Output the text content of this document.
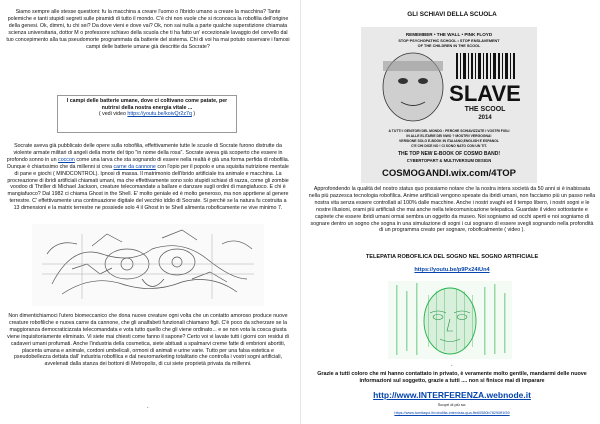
Siamo sempre alle stesse questioni: fu la macchina a creare l'uomo o l'ibrido umano a creare la macchina? Tante polemiche e tanti stupidi segreti sulle piramidi di tutto il mondo. C'è chi non vuole che si riconosca la robofilia dell'origine della genesi. Ok, dimmi, tu chi sei? Da dove vieni e dove vai? Ok, non sai nulla a parte qualche superstizione chiamata scienza universitaria, dottor M o professore schiavo della scuola che ti ha fatto un' eccezionale lavaggio del cervello dal tuo concepimento alla tua pseudomorte programmata da batterie del sistema. Chi di voi ha mai potuto osservare i famosi campi delle batterie umane già descritte da Socrate?

I campi delle batterie umane, dove ci coltivano come patate, per nutrirsi della nostra energia vitale ...

( vedi video https://youtu.be/koivQr2z7q )

Socrate aveva già pubblicato delle opere sulla robofilia, effettivamente tutte le scuole di Socrate furono distrutte da violente armate militari di angeli della morte del tipo "in nome della rosa". Socrate aveva già scoperto che essere in profondo sonno in un coccon come una larva che sta sognando di essere nella realtà è già una forma perfida di robofilia. Dunque è chiarissimo che da millenni si crea carne da cannone con l'opio per il popolo e una squisita nutrizione mentale di pane e giochi ( MINDCONTROL). Ipnosi di massa. Il matrimonio dell'ibrido artificiale tra animale e macchina. La procreazione di ibridi artificiali chiamati umani, ma che effettivamente sono solo stupidi schiavi di razza, come gli zombie voodoo di Thriller di Michael Jackson, creature telecomandate a ballare e danzare sugli ordini di mangiafuoco. E chi è mangiafuoco? Dal 1982 ci chiama Ghost in the Shell. E' molto geniale ed è molto generoso, ma non apprtiene al genere terrestre. C' effettivamente una continuazione digitale del vecchio iddio di Socrate. Si perchè se la natura fu costruita a 13 dimensioni e la matrix terrestre ne possiede solo 4 il Ghost in te Shell alimenta roboficamente ne vive minimo 7.

Non dimentichiamoci l'utero biomeccanico che dona nuove creature ogni volta che un contatto amoroso produce nuove creature robofiliche e nuova carne da cannone, che gli analfabeti funzionali chiamano figli. C'è poco da scherzare se la maggioranza democraticizzata telecomandata e vota tutto quello che gli viene ordinato... e se non vota la cosca giusta viene inquisitoriamente eliminato. Vi siete mai chiesti come fanno il sapone? Certo voi vi lavate tutti i giorni con residui di cadaveri umani profumati. Anche l'industria della cosmetica, siete abituati a spalmarvi creme fatte di embrioni abortiti, placenta umana e animale, cordoni umbelicali, ormoni di animali e urine varie. Tutto per una falsa estetica e pseudobellezza dettata dall' industria robofilica e dal neuromarketing totalitario che controlla i vostri sogni artificiali, avvelenati dalla stanza dei bottoni di Metropolis, di cui siete proprietà privata da millenni.

.
GLI SCHIAVI DELLA SCUOLA
REMEMBER • THE WALL • PINK FLOYD
STOP PSYCHOPATHIC SCHOOL • STOP ENSLAVEMENT
OF THE CHILDREN IN THE SCOOL
SLAVE
THE SCOOL
2014
A TUTTI I GENITORI DEL MONDO : PERCHE SCHIAVIZZATE I VOSTRI FIGLI
IN ALLE ELITARIE DEI NWO ? MOSTRI! VERGOGNA!
VERSIONE SOLO E-BOOK IN ITALIANO,ENGLISH E ESPANOL
C'E CHI DICE NO ! CI SONO NATO CON UN TIT.
THE TOP NEW E-BOOK OF COSMO BAND!
CYBERTOPART & MULTIVERSUM DESIGN
COSMOGANDI.wix.com/4TOP

Approfondendo la qualità del nostro status quo possiamo notare che la nostra intera società da 50 anni si è inabissata nella più pazzesca tecnologia robofilica. Anime artificiali vengono spesate da ibridi umani, non facciamo più un passo nella nostra vita senza essere controllati al 100% dalle macchine. Anche i nostri svaghi ed il tempo libero, i nostri sogni e le nostre illusioni, orami più artificiali che mai anche nella telecomunicazione telepatica. Guardate il video sottostante e capirete che essere ibridi umani ormai sembra un oggetto da museo. Noi sogniamo ad occhi aperti e noi sogniamo di sognare dentro un sogno che sogna in una simulazione di sogni i cui sognano di essere svegli sognando nella profondità di un programma creato per sognare, roboficalmente ( video ).

TELEPATIA ROBOFILICA DEL SOGNO NEL SOGNO ARTIFICIALE
https://youtu.be/p9Px24iUn4
.

Grazie a tutti coloro che mi hanno contattato in privato, è veramente molto gentile, mandarmi delle nuove informazioni sul soggetto, grazie a tutti .... non si finisce mai di imparare

http://www.INTERFERENZA.webnode.it
Scopri di più su:
https://www.tomitaqui.it/robofilia-intervista-qua-ffe60580b78290ff1f39
